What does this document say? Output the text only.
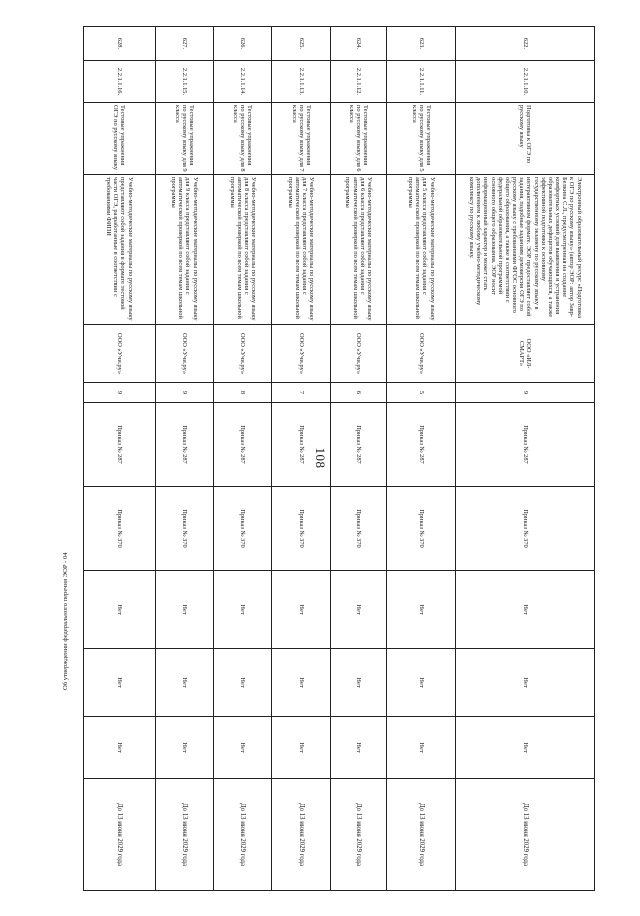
108
622.	2.2.1.1.10.	Подготовка к ОГЭ по русскому языку	Электронный образовательный ресурс «Подготовка к ОГЭ по русскому языку» (автор ЭОР: автор Завр-Белкина С.Л., предусмотренная на создание комфортных условий для выявления и устранения образовательных дефицитов обучающихся, а также эффективной подготовки к основному государственному экзамену по русскому языку в интерактивном формате. ЭОР предоставляет собой задания, подобные заданиям демоверсии ОГЭ по русскому языку с требованиями ФГОС основного общего образования, а также в соответствии с федеральной образовательной программой основного общего образования. ЭОР носит информационный характер и может стать дополнением к любому учебно-методическому комплексу по русскому языку.	ООО «ИЛ-СМАРТ»	9	Приказ № 287	Приказ № 370	Нет	Нет	Нет	До 13 июня 2029 года
623.	2.2.1.1.11.	Тестовые упражнения по русскому языку для 5 класса	Учебно-методические материалы по русскому языку для 5 класса представляют собой задания с автоматической проверкой по всем темам школьной программы	ООО «Учи.ру»	5	Приказ № 287	Приказ № 370	Нет	Нет	Нет	До 13 июня 2029 года
624.	2.2.1.1.12.	Тестовые упражнения по русскому языку для 6 класса	Учебно-методические материалы по русскому языку для 6 класса представляют собой задания с автоматической проверкой по всем темам школьной программы	ООО «Учи.ру»	6	Приказ № 287	Приказ № 370	Нет	Нет	Нет	До 13 июня 2029 года
625.	2.2.1.1.13.	Тестовые упражнения по русскому языку для 7 класса	Учебно-методические материалы по русскому языку для 7 класса представляют собой задания с автоматической проверкой по всем темам школьной программы	ООО «Учи.ру»	7	Приказ № 287	Приказ № 370	Нет	Нет	Нет	До 13 июня 2029 года
626.	2.2.1.1.14.	Тестовые упражнения по русскому языку для 8 класса	Учебно-методические материалы по русскому языку для 8 класса представляют собой задания с автоматической проверкой по всем темам школьной программы	ООО «Учи.ру»	8	Приказ № 287	Приказ № 370	Нет	Нет	Нет	До 13 июня 2029 года
627.	2.2.1.1.15.	Тестовые упражнения по русскому языку для 9 класса	Учебно-методические материалы по русскому языку для 9 класса представляют собой задания с автоматической проверкой по всем темам школьной программы	ООО «Учи.ру»	9	Приказ № 287	Приказ № 370	Нет	Нет	Нет	До 13 июня 2029 года
628.	2.2.1.1.16.	Тестовые упражнения ОГЭ по русскому языку	Учебно-методические материалы по русскому языку представляют собой задания в формате тестовой части ОГЭ, разработанные в соответствии с требованиями ФИПИ	ООО «Учи.ру»	9	Приказ № 287	Приказ № 370	Нет	Нет	Нет	До 13 июня 2029 года
Об утверждении федерального перечня ЭОР - 04
